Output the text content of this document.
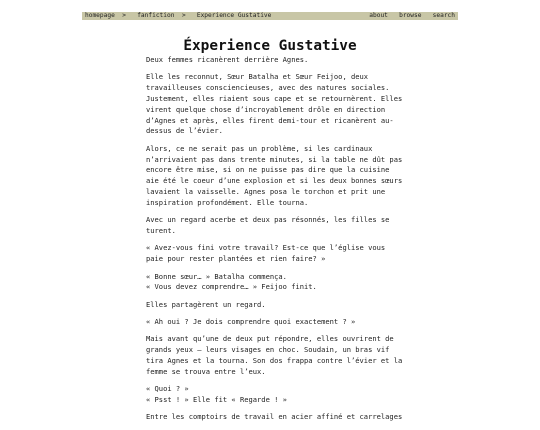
homepage > fanfiction > Experience Gustative	about browse search
Éxperience Gustative

Deux femmes ricanèrent derrière Agnes.

Elle les reconnut, Sœur Batalha et Sœur Feijoo, deux
travailleuses consciencieuses, avec des natures sociales.
Justement, elles riaient sous cape et se retournèrent. Elles
virent quelque chose d’incroyablement drôle en direction
d’Agnes et après, elles firent demi-tour et ricanèrent au-
dessus de l’évier.

Alors, ce ne serait pas un problème, si les cardinaux
n’arrivaient pas dans trente minutes, si la table ne dût pas
encore être mise, si on ne puisse pas dire que la cuisine
aie été le coeur d’une explosion et si les deux bonnes sœurs
lavaient la vaisselle. Agnes posa le torchon et prit une
inspiration profondément. Elle tourna.

Avec un regard acerbe et deux pas résonnés, les filles se
turent.

« Avez-vous fini votre travail? Est-ce que l’église vous
paie pour rester plantées et rien faire? »

« Bonne sœur… » Batalha commença.
« Vous devez comprendre… » Feijoo finit.

Elles partagèrent un regard.

« Ah oui ? Je dois comprendre quoi exactement ? »

Mais avant qu’une de deux put répondre, elles ouvrirent de
grands yeux — leurs visages en choc. Soudain, un bras vif
tira Agnes et la tourna. Son dos frappa contre l’évier et la
femme se trouva entre l’eux.

« Quoi ? »
« Psst ! » Elle fit « Regarde ! »

Entre les comptoirs de travail en acier affiné et carrelages
